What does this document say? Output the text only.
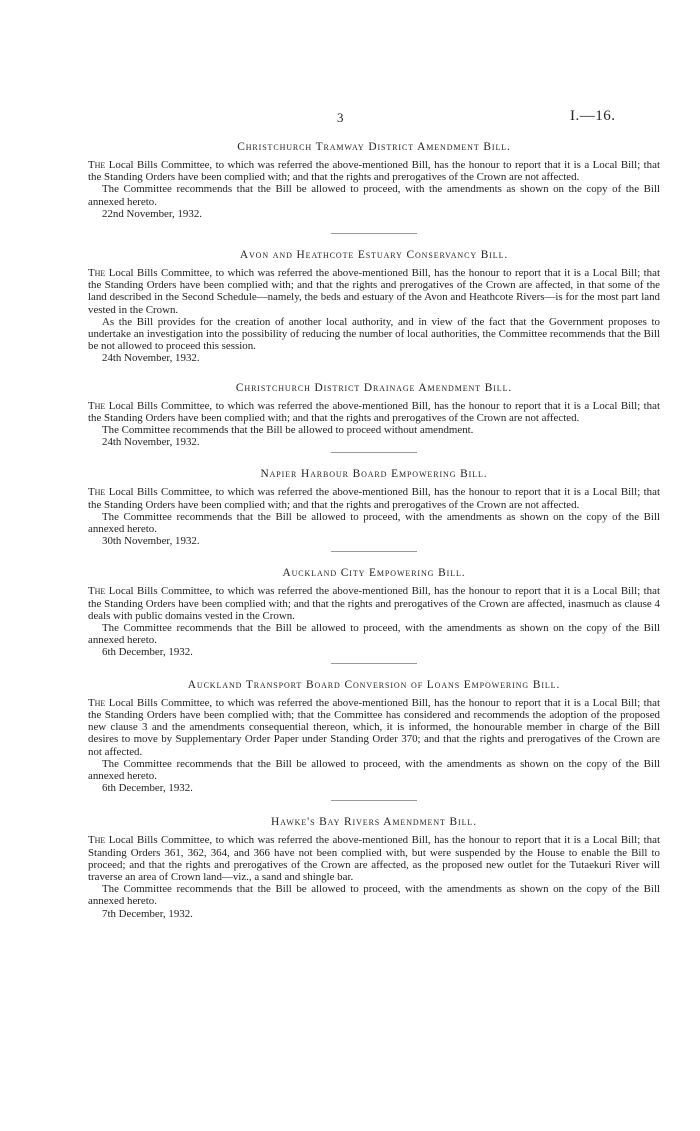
3	I.—16.
Christchurch Tramway District Amendment Bill.

The Local Bills Committee, to which was referred the above-mentioned Bill, has the honour to report that it is a Local Bill; that the Standing Orders have been complied with; and that the rights and prerogatives of the Crown are not affected.

The Committee recommends that the Bill be allowed to proceed, with the amendments as shown on the copy of the Bill annexed hereto.

22nd November, 1932.

Avon and Heathcote Estuary Conservancy Bill.

The Local Bills Committee, to which was referred the above-mentioned Bill, has the honour to report that it is a Local Bill; that the Standing Orders have been complied with; and that the rights and prerogatives of the Crown are affected, in that some of the land described in the Second Schedule—namely, the beds and estuary of the Avon and Heathcote Rivers—is for the most part land vested in the Crown.

As the Bill provides for the creation of another local authority, and in view of the fact that the Government proposes to undertake an investigation into the possibility of reducing the number of local authorities, the Committee recommends that the Bill be not allowed to proceed this session.

24th November, 1932.

Christchurch District Drainage Amendment Bill.

The Local Bills Committee, to which was referred the above-mentioned Bill, has the honour to report that it is a Local Bill; that the Standing Orders have been complied with; and that the rights and prerogatives of the Crown are not affected.

The Committee recommends that the Bill be allowed to proceed without amendment.

24th November, 1932.

Napier Harbour Board Empowering Bill.

The Local Bills Committee, to which was referred the above-mentioned Bill, has the honour to report that it is a Local Bill; that the Standing Orders have been complied with; and that the rights and prerogatives of the Crown are not affected.

The Committee recommends that the Bill be allowed to proceed, with the amendments as shown on the copy of the Bill annexed hereto.

30th November, 1932.

Auckland City Empowering Bill.

The Local Bills Committee, to which was referred the above-mentioned Bill, has the honour to report that it is a Local Bill; that the Standing Orders have been complied with; and that the rights and prerogatives of the Crown are affected, inasmuch as clause 4 deals with public domains vested in the Crown.

The Committee recommends that the Bill be allowed to proceed, with the amendments as shown on the copy of the Bill annexed hereto.

6th December, 1932.

Auckland Transport Board Conversion of Loans Empowering Bill.

The Local Bills Committee, to which was referred the above-mentioned Bill, has the honour to report that it is a Local Bill; that the Standing Orders have been complied with; that the Committee has considered and recommends the adoption of the proposed new clause 3 and the amendments consequential thereon, which, it is informed, the honourable member in charge of the Bill desires to move by Supplementary Order Paper under Standing Order 370; and that the rights and prerogatives of the Crown are not affected.

The Committee recommends that the Bill be allowed to proceed, with the amendments as shown on the copy of the Bill annexed hereto.

6th December, 1932.

Hawke's Bay Rivers Amendment Bill.

The Local Bills Committee, to which was referred the above-mentioned Bill, has the honour to report that it is a Local Bill; that Standing Orders 361, 362, 364, and 366 have not been complied with, but were suspended by the House to enable the Bill to proceed; and that the rights and prerogatives of the Crown are affected, as the proposed new outlet for the Tutaekuri River will traverse an area of Crown land—viz., a sand and shingle bar.

The Committee recommends that the Bill be allowed to proceed, with the amendments as shown on the copy of the Bill annexed hereto.

7th December, 1932.
